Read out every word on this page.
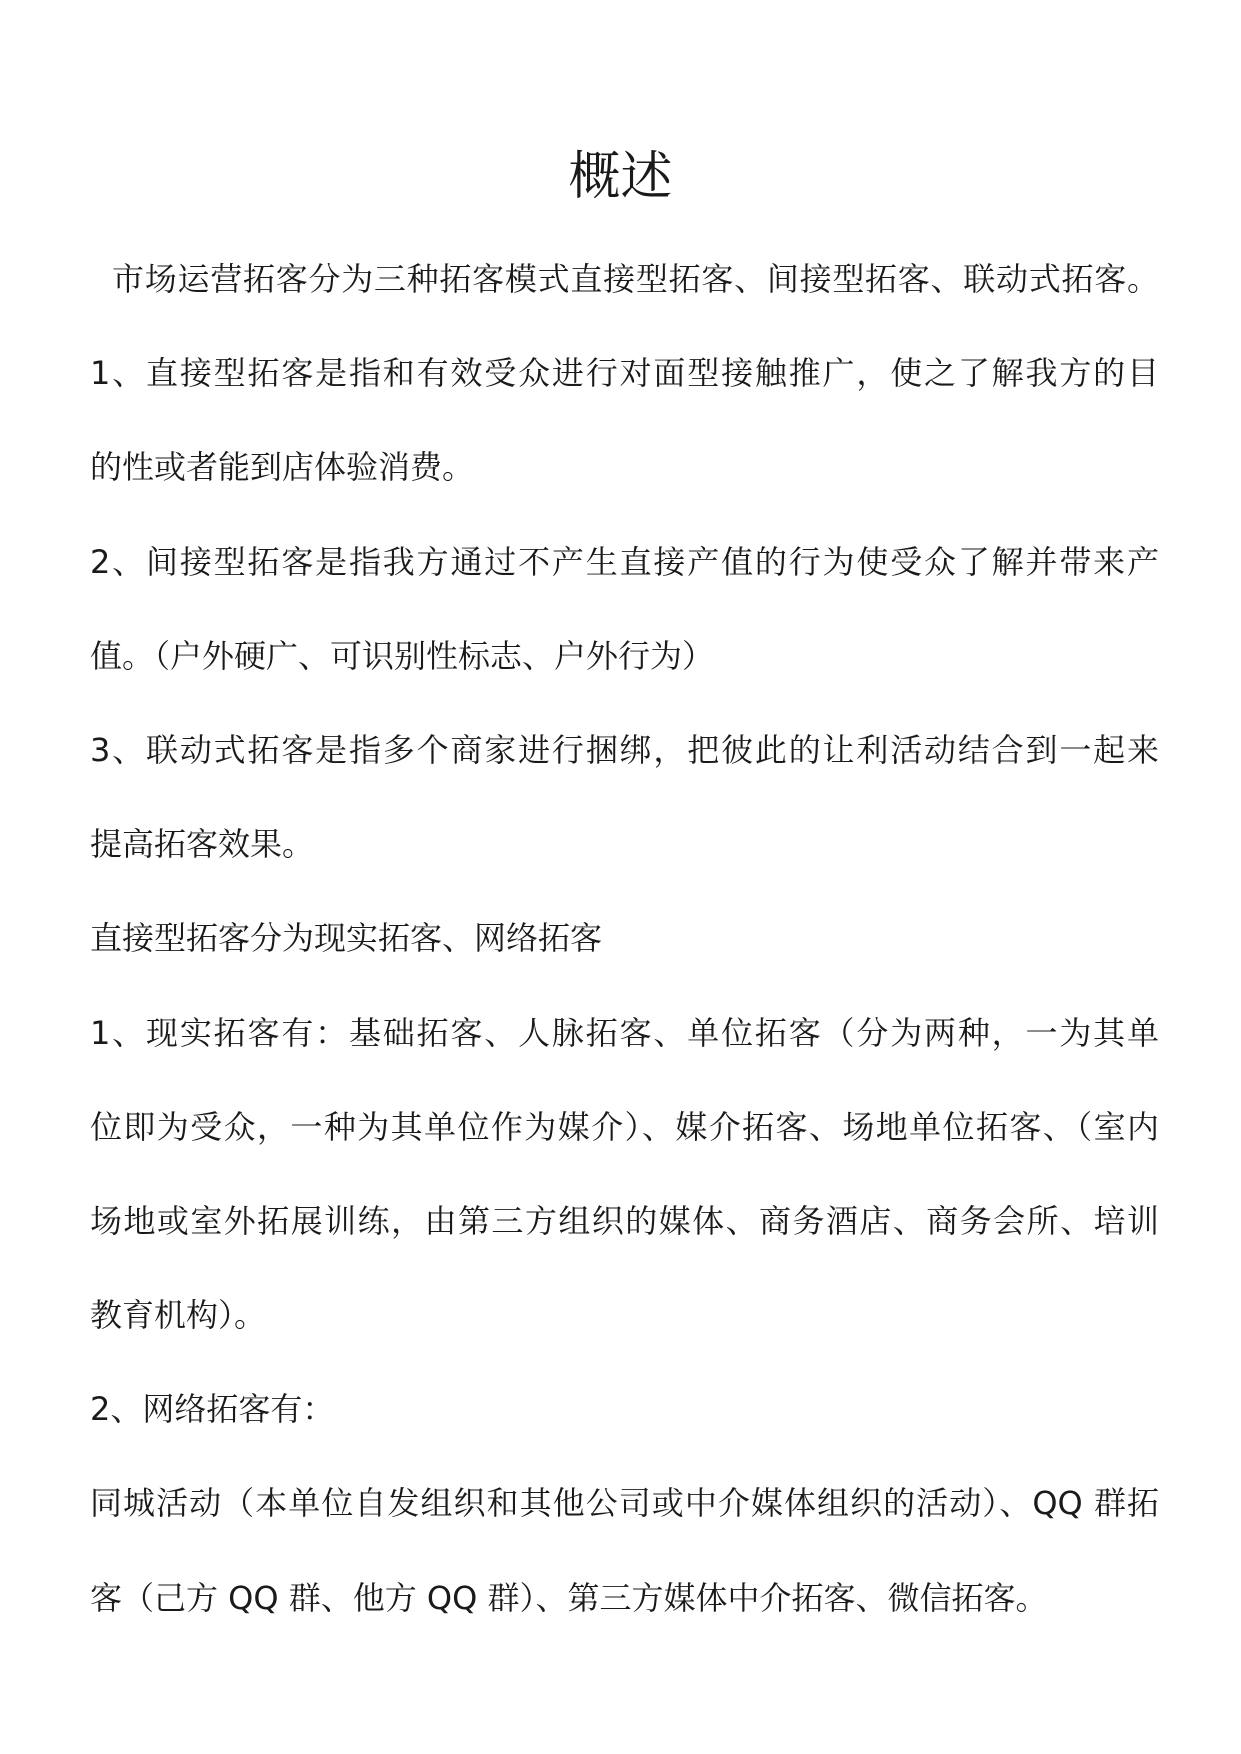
概述
市场运营拓客分为三种拓客模式直接型拓客、间接型拓客、联动式拓客。
1、直接型拓客是指和有效受众进行对面型接触推广，使之了解我方的目
的性或者能到店体验消费。
2、间接型拓客是指我方通过不产生直接产值的行为使受众了解并带来产
值。（户外硬广、可识别性标志、户外行为）
3、联动式拓客是指多个商家进行捆绑，把彼此的让利活动结合到一起来
提高拓客效果。
直接型拓客分为现实拓客、网络拓客
1、现实拓客有：基础拓客、人脉拓客、单位拓客（分为两种，一为其单
位即为受众，一种为其单位作为媒介）、媒介拓客、场地单位拓客、（室内
场地或室外拓展训练，由第三方组织的媒体、商务酒店、商务会所、培训
教育机构）。
2、网络拓客有：
同城活动（本单位自发组织和其他公司或中介媒体组织的活动）、QQ 群拓
客（己方 QQ 群、他方 QQ 群）、第三方媒体中介拓客、微信拓客。
